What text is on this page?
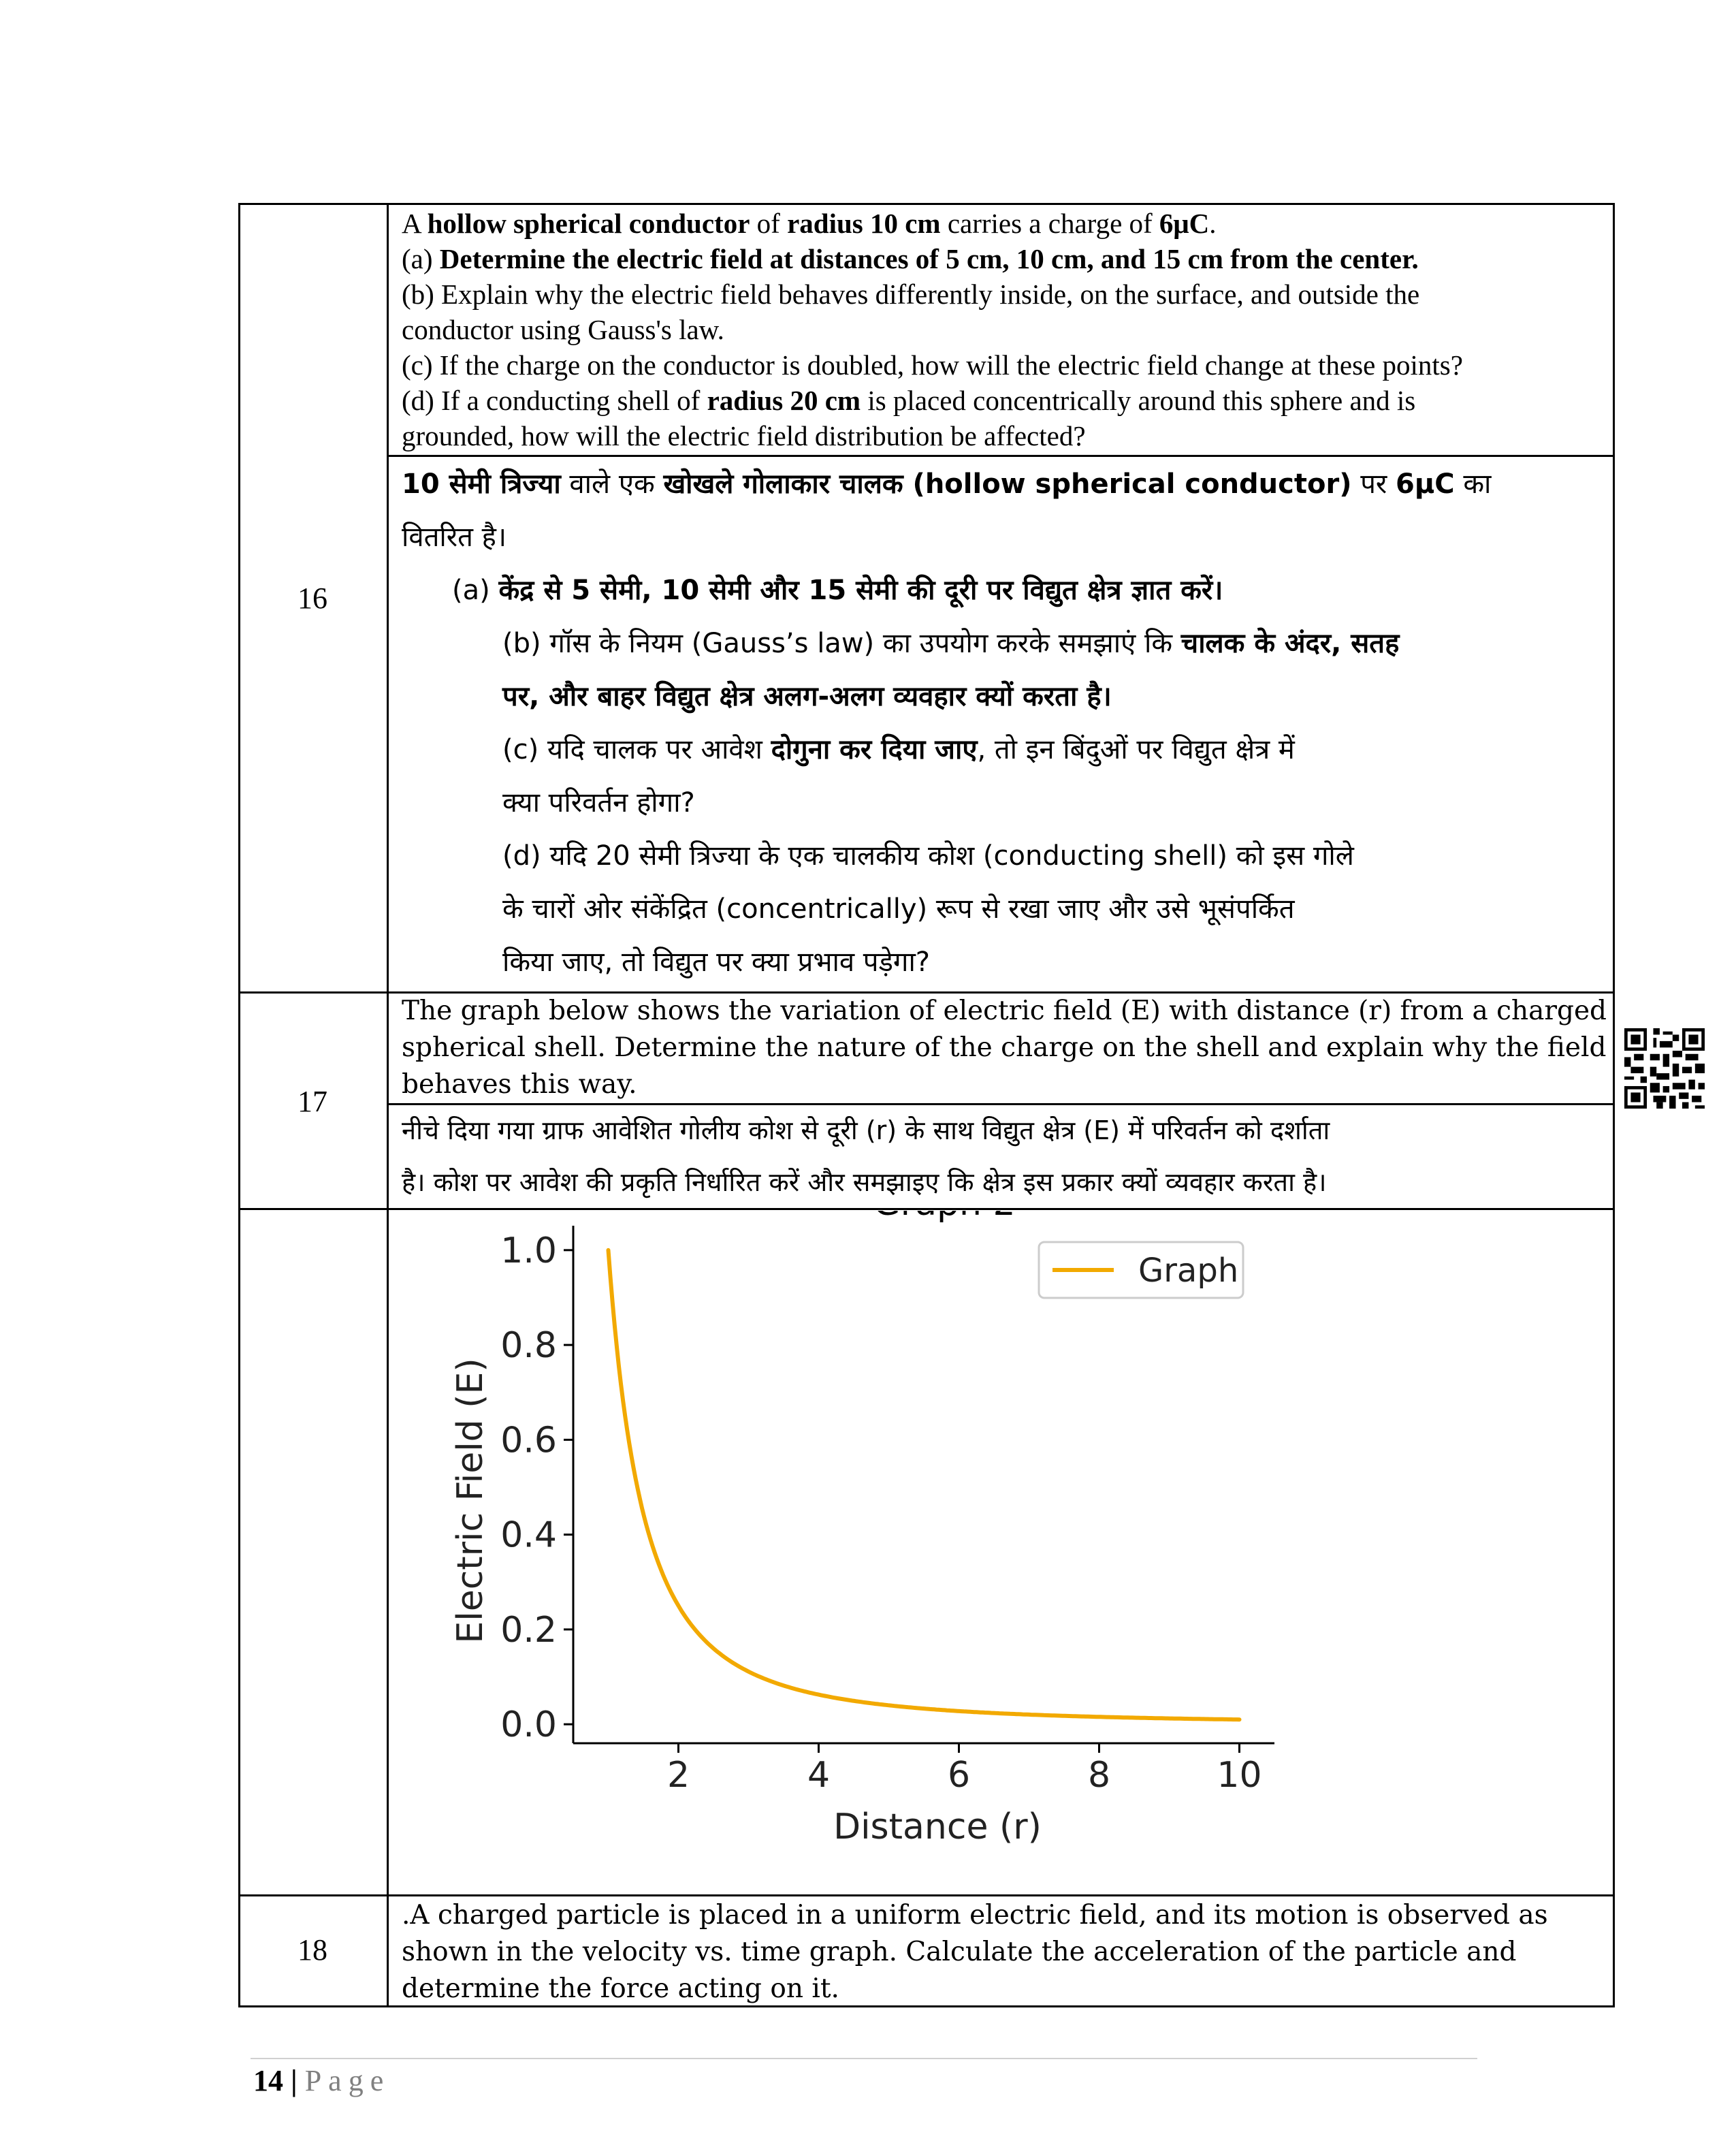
16
A hollow spherical conductor of radius 10 cm carries a charge of 6μC.
(a) Determine the electric field at distances of 5 cm, 10 cm, and 15 cm from the center.
(b) Explain why the electric field behaves differently inside, on the surface, and outside the
conductor using Gauss's law.
(c) If the charge on the conductor is doubled, how will the electric field change at these points?
(d) If a conducting shell of radius 20 cm is placed concentrically around this sphere and is
grounded, how will the electric field distribution be affected?
10 सेमी त्रिज्या वाले एक खोखले गोलाकार चालक (hollow spherical conductor) पर 6μC का
वितरित है।
(a) केंद्र से 5 सेमी, 10 सेमी और 15 सेमी की दूरी पर विद्युत क्षेत्र ज्ञात करें।
(b) गॉस के नियम (Gauss’s law) का उपयोग करके समझाएं कि चालक के अंदर, सतह
पर, और बाहर विद्युत क्षेत्र अलग-अलग व्यवहार क्यों करता है।
(c) यदि चालक पर आवेश दोगुना कर दिया जाए, तो इन बिंदुओं पर विद्युत क्षेत्र में
क्या परिवर्तन होगा?
(d) यदि 20 सेमी त्रिज्या के एक चालकीय कोश (conducting shell) को इस गोले
के चारों ओर संकेंद्रित (concentrically) रूप से रखा जाए और उसे भूसंपर्कित
किया जाए, तो विद्युत पर क्या प्रभाव पड़ेगा?
17
The graph below shows the variation of electric field (E) with distance (r) from a charged
spherical shell. Determine the nature of the charge on the shell and explain why the field
behaves this way.
नीचे दिया गया ग्राफ आवेशित गोलीय कोश से दूरी (r) के साथ विद्युत क्षेत्र (E) में परिवर्तन को दर्शाता
है। कोश पर आवेश की प्रकृति निर्धारित करें और समझाइए कि क्षेत्र इस प्रकार क्यों व्यवहार करता है।
0.0
0.2
0.4
0.6
0.8
1.0
2	4	6	8	10
Distance (r)
Electric Field (E)
Graph
18
.A charged particle is placed in a uniform electric field, and its motion is observed as
shown in the velocity vs. time graph. Calculate the acceleration of the particle and
determine the force acting on it.
14 | Page
